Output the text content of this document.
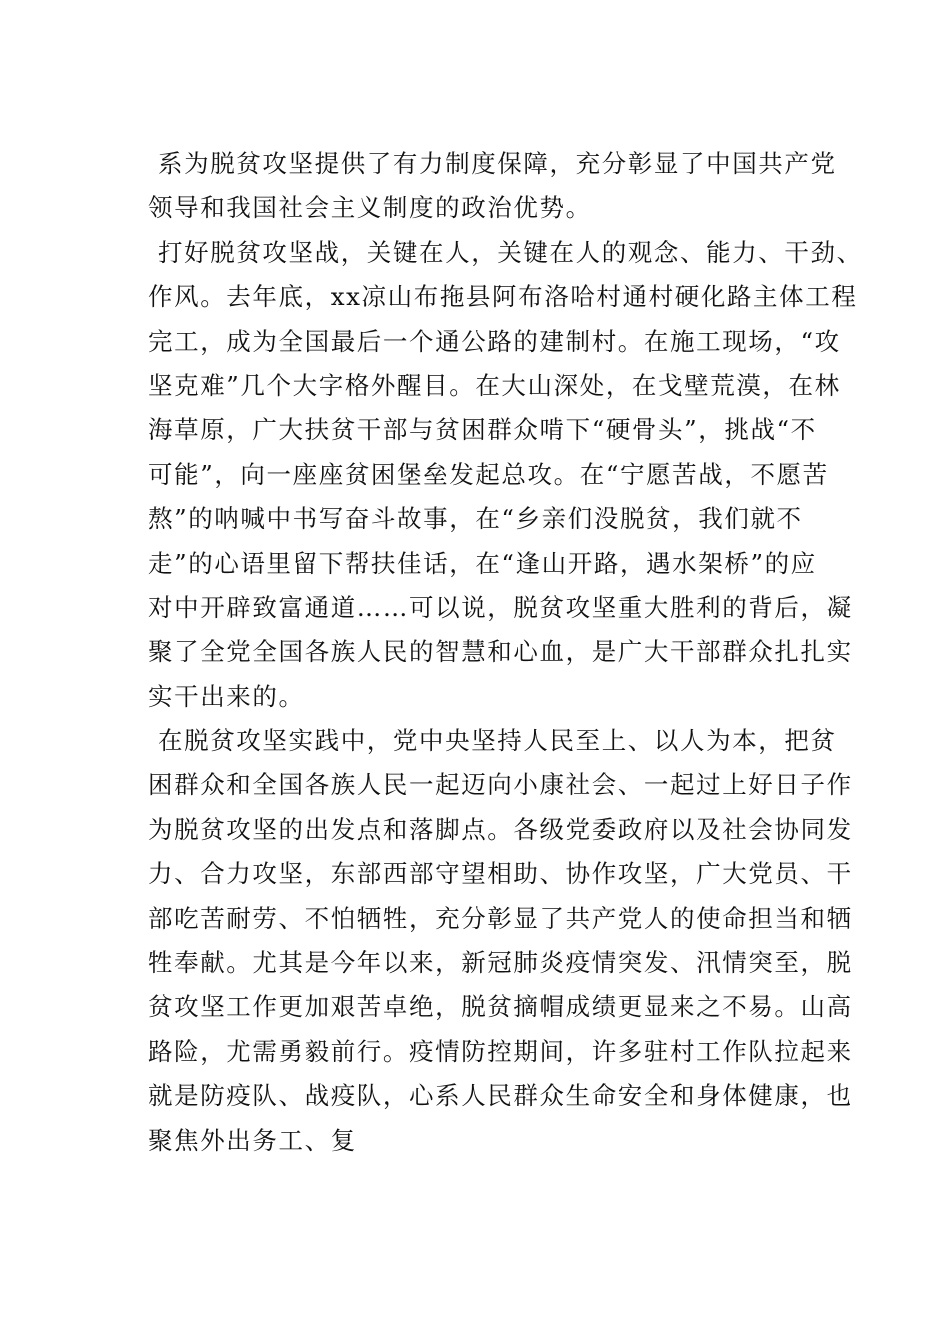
系为脱贫攻坚提供了有力制度保障，充分彰显了中国共产党
领导和我国社会主义制度的政治优势。
打好脱贫攻坚战，关键在人，关键在人的观念、能力、干劲、
作风。去年底，xx凉山布拖县阿布洛哈村通村硬化路主体工程
完工，成为全国最后一个通公路的建制村。在施工现场，“攻
坚克难”几个大字格外醒目。在大山深处，在戈壁荒漠，在林
海草原，广大扶贫干部与贫困群众啃下“硬骨头”，挑战“不
可能”，向一座座贫困堡垒发起总攻。在“宁愿苦战，不愿苦
熬”的呐喊中书写奋斗故事，在“乡亲们没脱贫，我们就不
走”的心语里留下帮扶佳话，在“逢山开路，遇水架桥”的应
对中开辟致富通道……可以说，脱贫攻坚重大胜利的背后，凝
聚了全党全国各族人民的智慧和心血，是广大干部群众扎扎实
实干出来的。
在脱贫攻坚实践中，党中央坚持人民至上、以人为本，把贫
困群众和全国各族人民一起迈向小康社会、一起过上好日子作
为脱贫攻坚的出发点和落脚点。各级党委政府以及社会协同发
力、合力攻坚，东部西部守望相助、协作攻坚，广大党员、干
部吃苦耐劳、不怕牺牲，充分彰显了共产党人的使命担当和牺
牲奉献。尤其是今年以来，新冠肺炎疫情突发、汛情突至，脱
贫攻坚工作更加艰苦卓绝，脱贫摘帽成绩更显来之不易。山高
路险，尤需勇毅前行。疫情防控期间，许多驻村工作队拉起来
就是防疫队、战疫队，心系人民群众生命安全和身体健康，也
聚焦外出务工、复
